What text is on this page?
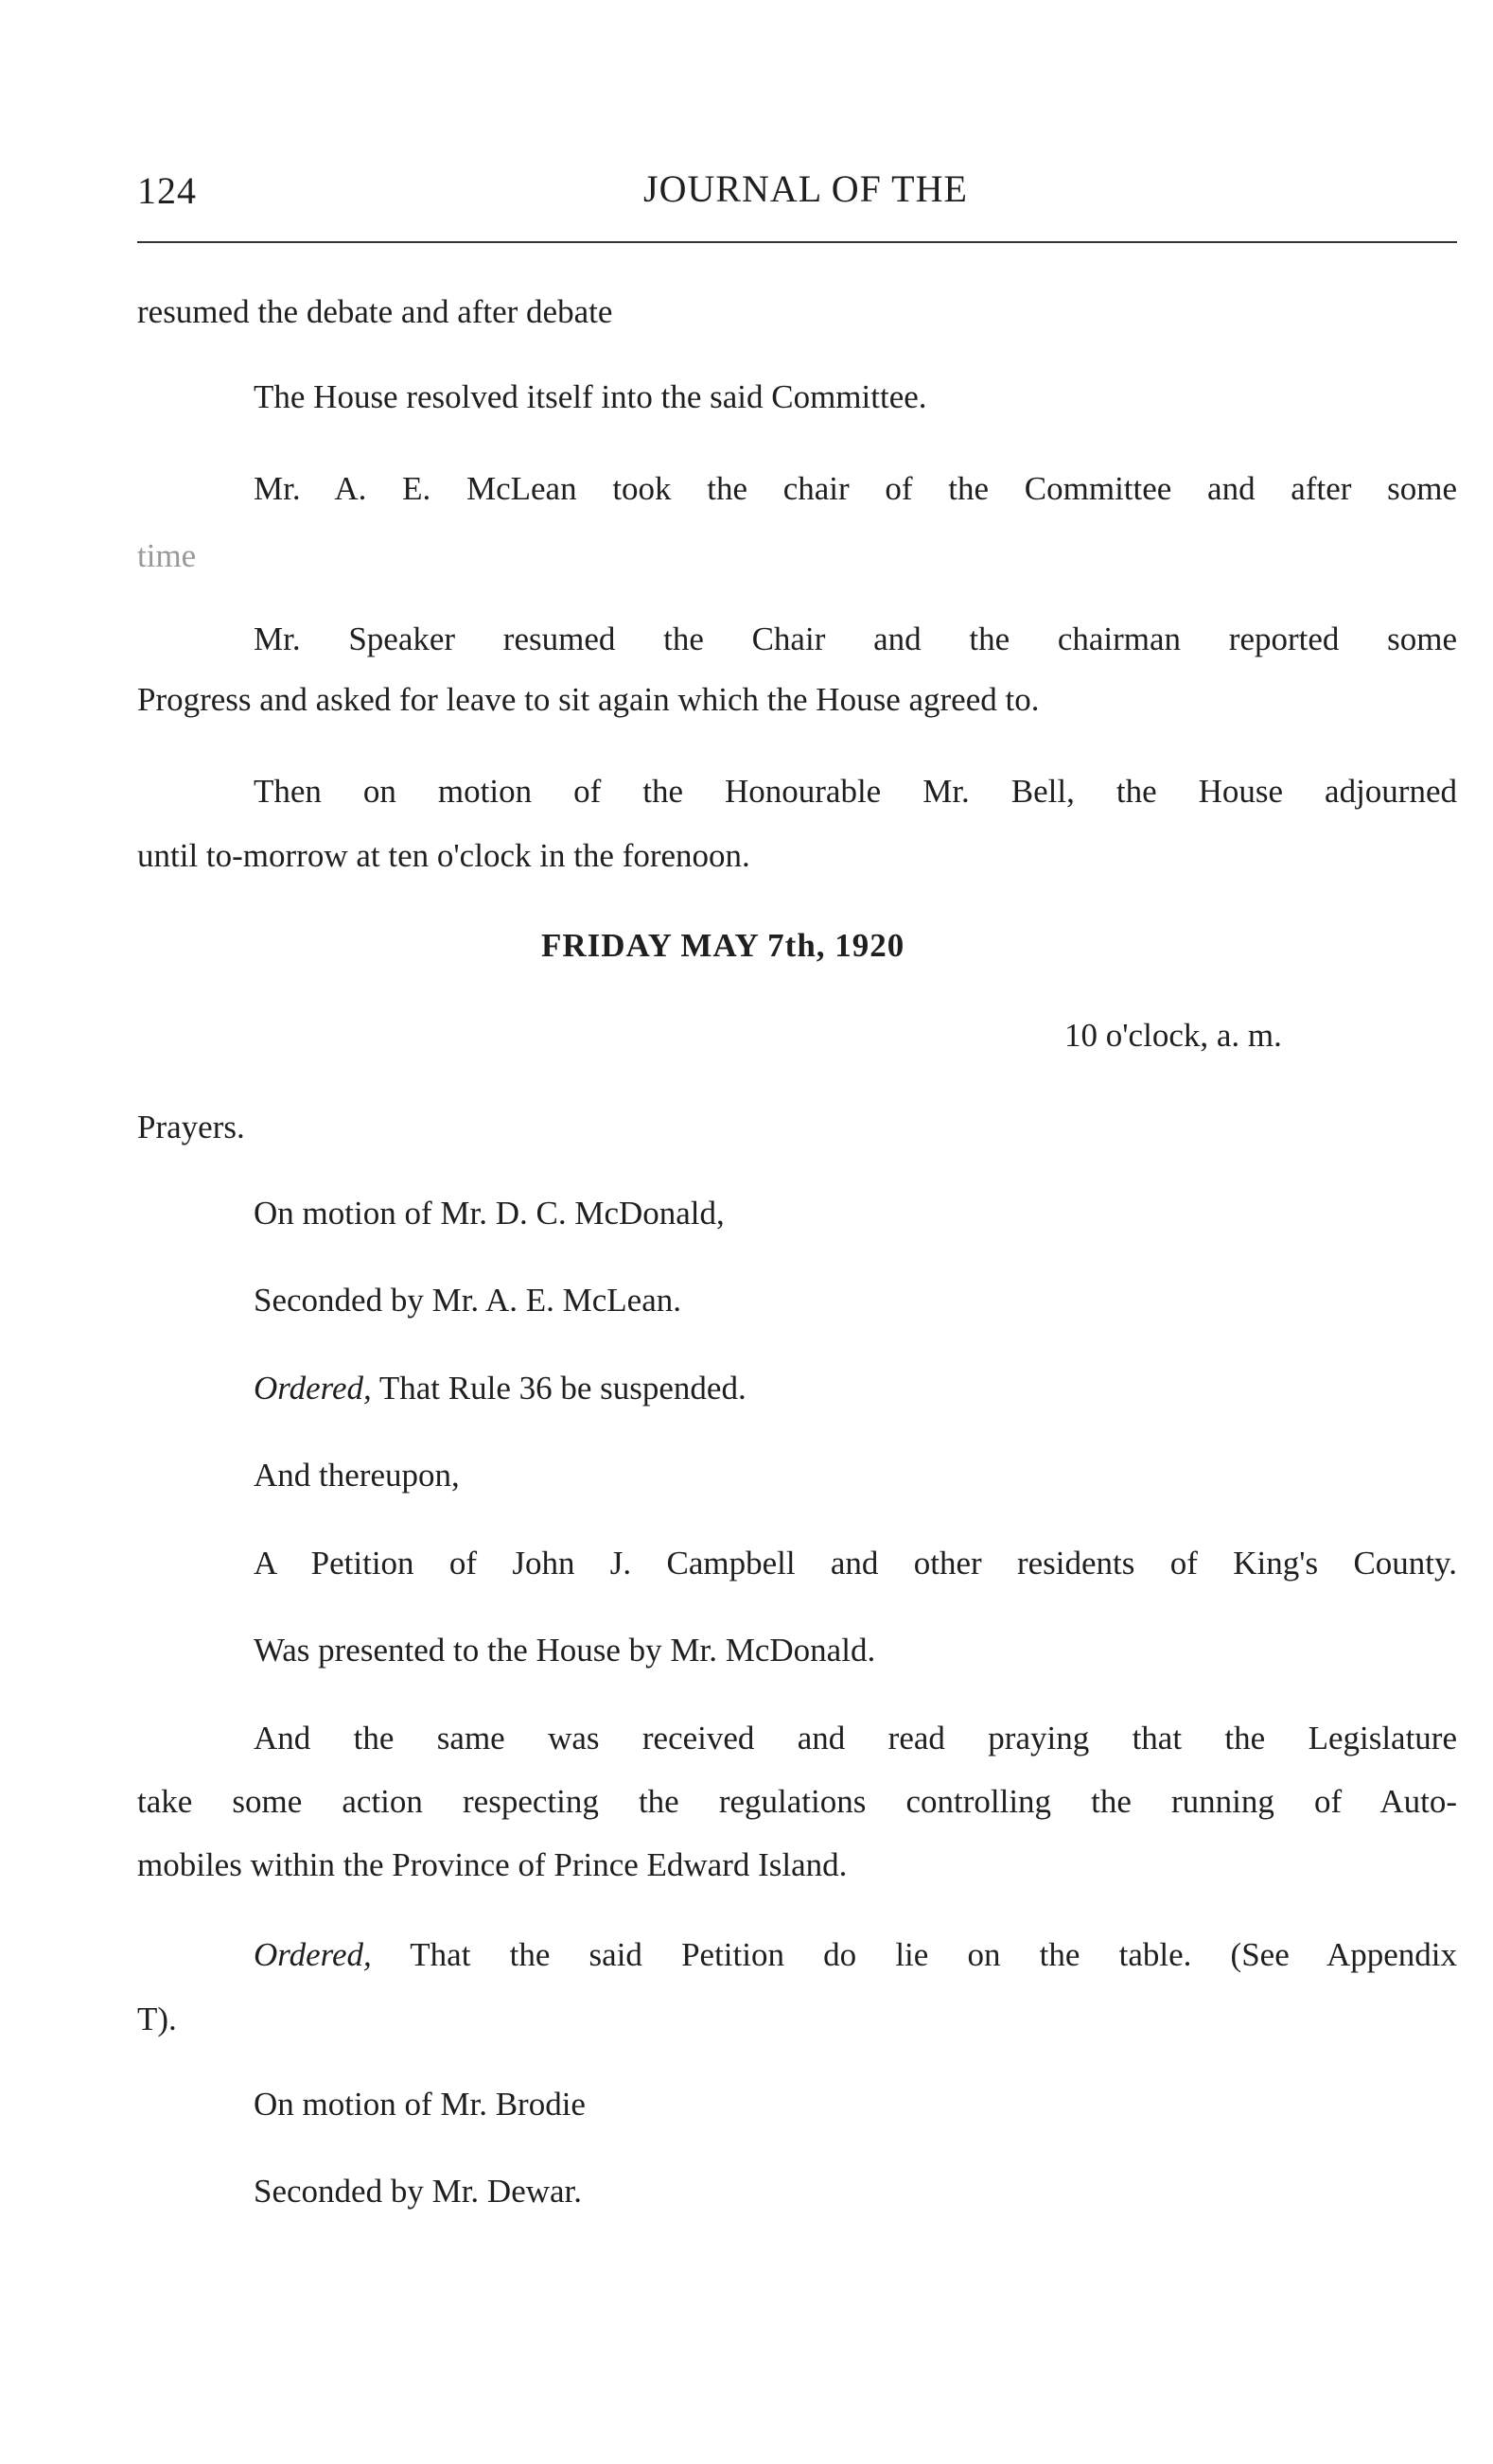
124	JOURNAL OF THE
resumed the debate and after debate
The House resolved itself into the said Committee.
Mr. A. E. McLean took the chair of the Committee and after some
time
Mr. Speaker resumed the Chair and the chairman reported some
Progress and asked for leave to sit again which the House agreed to.
Then on motion of the Honourable Mr. Bell, the House adjourned
until to-morrow at ten o'clock in the forenoon.
FRIDAY MAY 7th, 1920
10 o'clock, a. m.
Prayers.
On motion of Mr. D. C. McDonald,
Seconded by Mr. A. E. McLean.
Ordered, That Rule 36 be suspended.
And thereupon,
A Petition of John J. Campbell and other residents of King's County.
Was presented to the House by Mr. McDonald.
And the same was received and read praying that the Legislature
take some action respecting the regulations controlling the running of Auto-
mobiles within the Province of Prince Edward Island.
Ordered, That the said Petition do lie on the table. (See Appendix
T).
On motion of Mr. Brodie
Seconded by Mr. Dewar.
